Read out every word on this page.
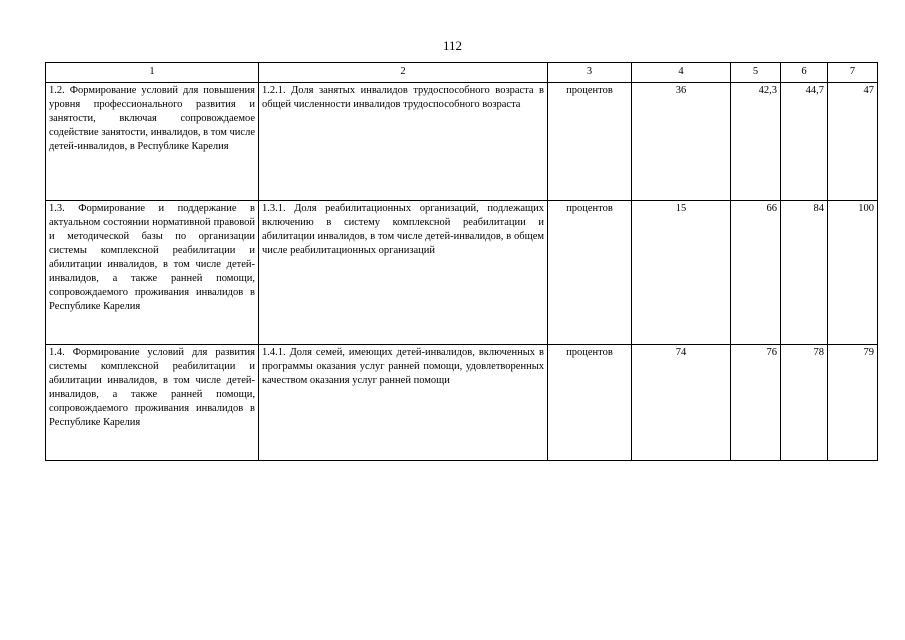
112
1	2	3	4	5	6	7
1.2. Формирование условий для повышения уровня профессионального развития и занятости, включая сопровождаемое содействие занятости, инвалидов, в том числе детей-инвалидов, в Республике Карелия	1.2.1. Доля занятых инвалидов трудоспособного возраста в общей численности инвалидов трудоспособного возраста	процентов	36	42,3	44,7	47
1.3. Формирование и поддержание в актуальном состоянии нормативной правовой и методической базы по организации системы комплексной реабилитации и абилитации инвалидов, в том числе детей-инвалидов, а также ранней помощи, сопровождаемого проживания инвалидов в Республике Карелия	1.3.1. Доля реабилитационных организаций, подлежащих включению в систему комплексной реабилитации и абилитации инвалидов, в том числе детей-инвалидов, в общем числе реабилитационных организаций	процентов	15	66	84	100
1.4. Формирование условий для развития системы комплексной реабилитации и абилитации инвалидов, в том числе детей-инвалидов, а также ранней помощи, сопровождаемого проживания инвалидов в Республике Карелия	1.4.1. Доля семей, имеющих детей-инвалидов, включенных в программы оказания услуг ранней помощи, удовлетворенных качеством оказания услуг ранней помощи	процентов	74	76	78	79
